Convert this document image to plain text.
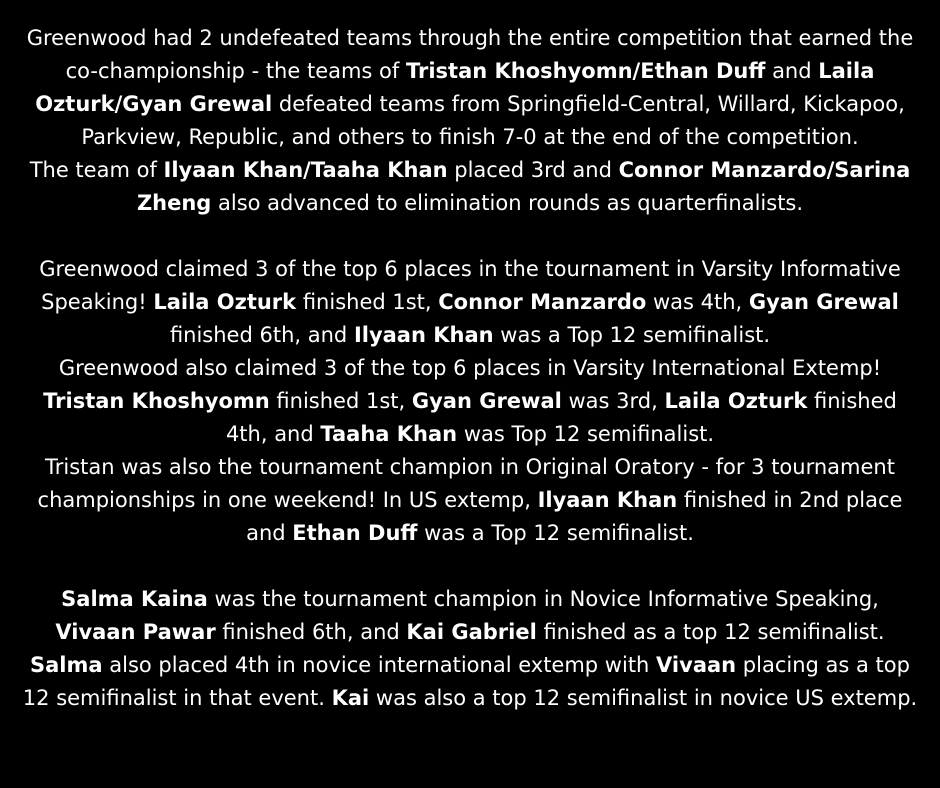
Greenwood had 2 undefeated teams through the entire competition that earned the co-championship - the teams of Tristan Khoshyomn/Ethan Duff and Laila Ozturk/Gyan Grewal defeated teams from Springfield-Central, Willard, Kickapoo, Parkview, Republic, and others to finish 7-0 at the end of the competition.

The team of Ilyaan Khan/Taaha Khan placed 3rd and Connor Manzardo/Sarina Zheng also advanced to elimination rounds as quarterfinalists.

Greenwood claimed 3 of the top 6 places in the tournament in Varsity Informative Speaking! Laila Ozturk finished 1st, Connor Manzardo was 4th, Gyan Grewal finished 6th, and Ilyaan Khan was a Top 12 semifinalist.

Greenwood also claimed 3 of the top 6 places in Varsity International Extemp!

Tristan Khoshyomn finished 1st, Gyan Grewal was 3rd, Laila Ozturk finished 4th, and Taaha Khan was Top 12 semifinalist.

Tristan was also the tournament champion in Original Oratory - for 3 tournament championships in one weekend! In US extemp, Ilyaan Khan finished in 2nd place and Ethan Duff was a Top 12 semifinalist.

Salma Kaina was the tournament champion in Novice Informative Speaking, Vivaan Pawar finished 6th, and Kai Gabriel finished as a top 12 semifinalist. Salma also placed 4th in novice international extemp with Vivaan placing as a top 12 semifinalist in that event. Kai was also a top 12 semifinalist in novice US extemp.
